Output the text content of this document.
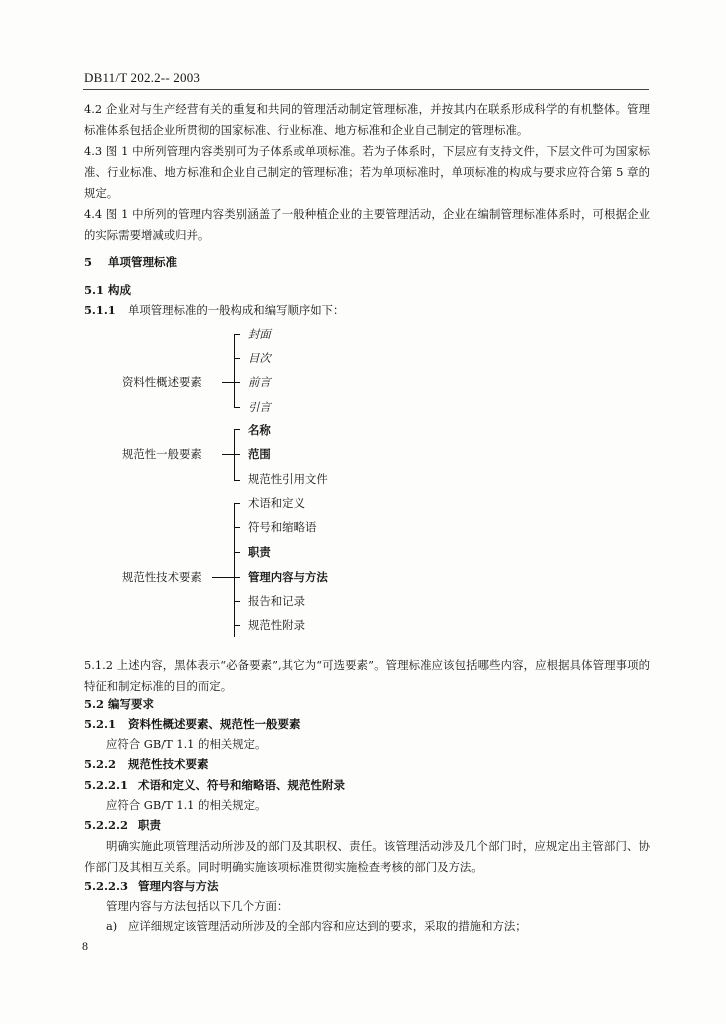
DB11/T 202.2-- 2003
4.2 企业对与生产经营有关的重复和共同的管理活动制定管理标准，并按其内在联系形成科学的有机整体。管理标准体系包括企业所贯彻的国家标准、行业标准、地方标准和企业自己制定的管理标准。
4.3 图 1 中所列管理内容类别可为子体系或单项标准。若为子体系时，下层应有支持文件，下层文件可为国家标准、行业标准、地方标准和企业自己制定的管理标准；若为单项标准时，单项标准的构成与要求应符合第 5 章的规定。
4.4 图 1 中所列的管理内容类别涵盖了一般种植企业的主要管理活动，企业在编制管理标准体系时，可根据企业的实际需要增减或归并。
5 单项管理标准
5.1 构成
5.1.1 单项管理标准的一般构成和编写顺序如下：
资料性概述要素
封面
目次
前言
引言
规范性一般要素
名称
范围
规范性引用文件
规范性技术要素
术语和定义
符号和缩略语
职责
管理内容与方法
报告和记录
规范性附录
5.1.2 上述内容，黑体表示“必备要素”,其它为“可选要素”。管理标准应该包括哪些内容，应根据具体管理事项的特征和制定标准的目的而定。
5.2 编写要求
5.2.1 资料性概述要素、规范性一般要素
应符合 GB/T 1.1 的相关规定。
5.2.2 规范性技术要素
5.2.2.1 术语和定义、符号和缩略语、规范性附录
应符合 GB/T 1.1 的相关规定。
5.2.2.2 职责
明确实施此项管理活动所涉及的部门及其职权、责任。该管理活动涉及几个部门时，应规定出主管部门、协作部门及其相互关系。同时明确实施该项标准贯彻实施检查考核的部门及方法。
5.2.2.3 管理内容与方法
管理内容与方法包括以下几个方面：
a) 应详细规定该管理活动所涉及的全部内容和应达到的要求，采取的措施和方法；
8
